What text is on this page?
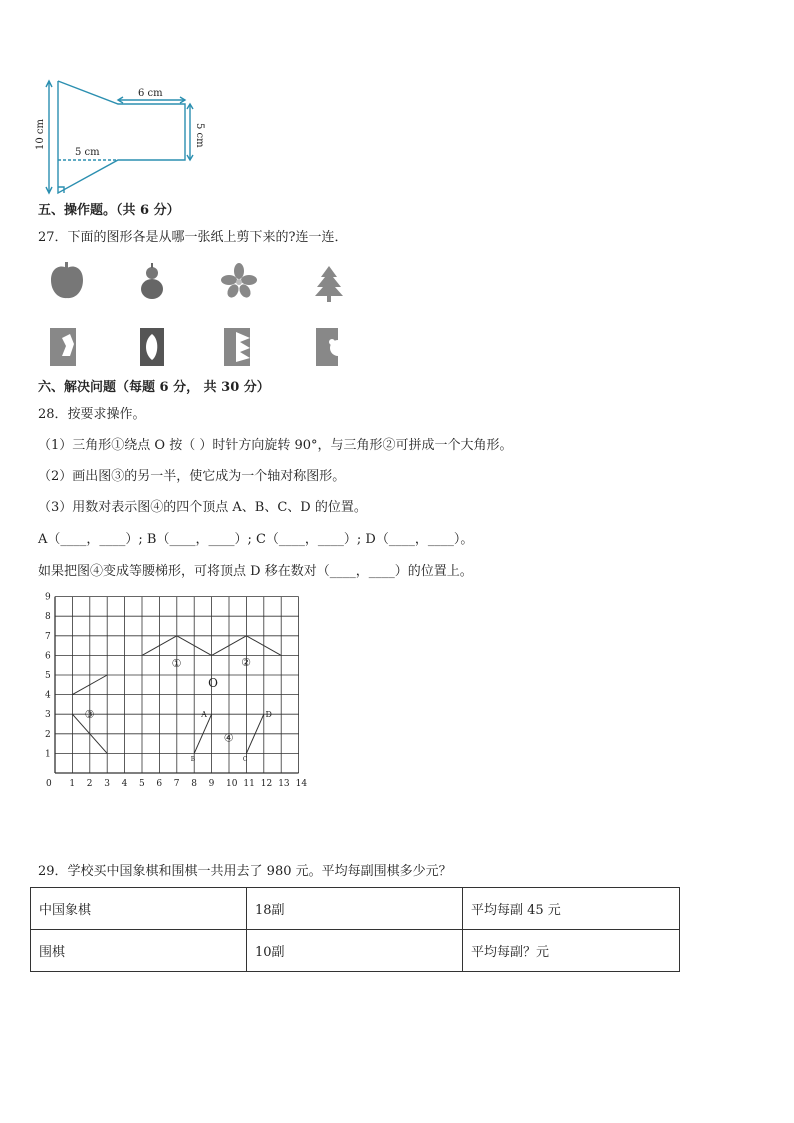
6 cm
10 cm	5 cm
5 cm
五、操作题。（共 6 分）
27．下面的图形各是从哪一张纸上剪下来的?连一连．
六、解决问题（每题 6 分， 共 30 分）
28．按要求操作。
（1）三角形①绕点 O 按（ ）时针方向旋转 90°，与三角形②可拼成一个大角形。
（2）画出图③的另一半，使它成为一个轴对称图形。
（3）用数对表示图④的四个顶点 A、B、C、D 的位置。
A（____，____）; B（____，____）; C（____，____）; D（____，____）。
如果把图④变成等腰梯形，可将顶点 D 移在数对（____，____）的位置上。
0 1 2 3 4 5 6 7 8 9 10 11 12 13 14
1
2
3
4
5
6
7
8
9
①	②
③
④
O
A	D
B	C
29．学校买中国象棋和围棋一共用去了 980 元。平均每副围棋多少元？
中国象棋	18副	平均每副 45 元
围棋	10副	平均每副？元
